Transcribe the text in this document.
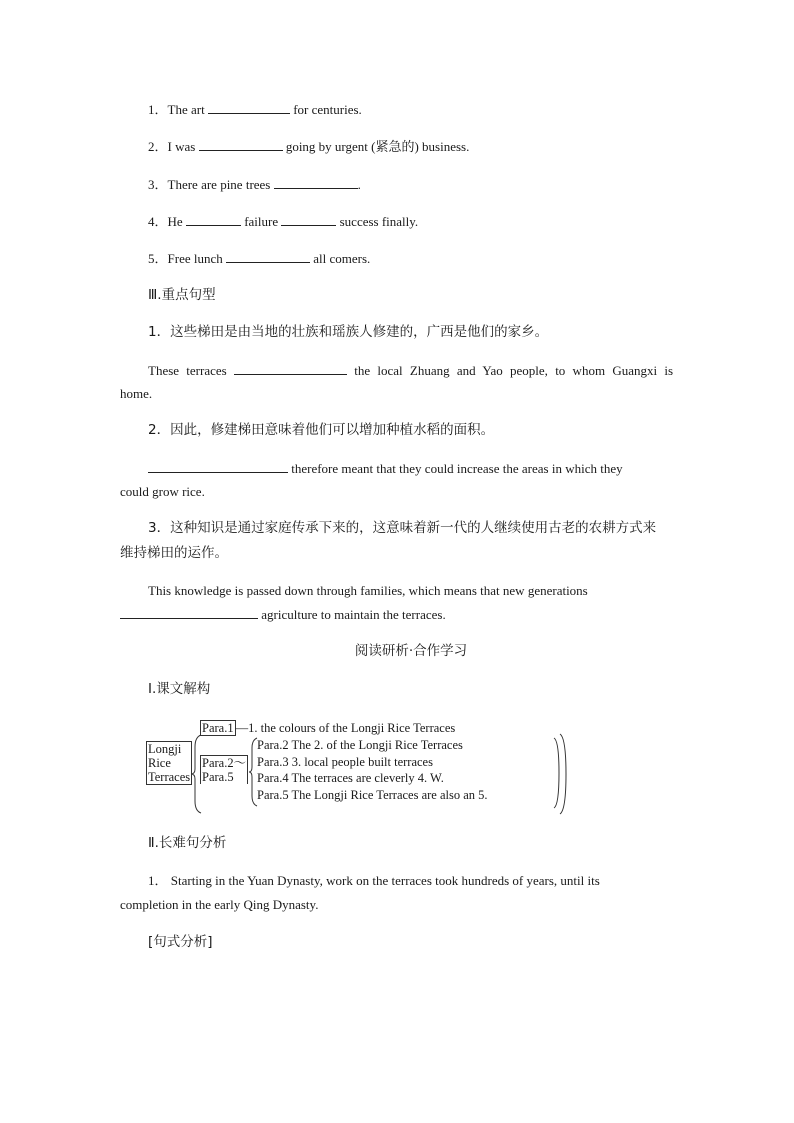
1．The art	for centuries.
2．I was	going by urgent (紧急的) business.
3．There are pine trees	.
4．He	failure	success finally.
5．Free lunch	all comers.
Ⅲ.重点句型
1．这些梯田是由当地的壮族和瑶族人修建的，广西是他们的家乡。
These terraces	the local Zhuang and Yao people, to whom Guangxi is
home.
2．因此，修建梯田意味着他们可以增加种植水稻的面积。
therefore meant that they could increase the areas in which they
could grow rice.
3．这种知识是通过家庭传承下来的，这意味着新一代的人继续使用古老的农耕方式来
维持梯田的运作。
This knowledge is passed down through families, which means that new generations
agriculture to maintain the terraces.
阅读研析·合作学习
Ⅰ.课文解构
Longji
Rice
Terraces
Para.1 —1. the colours of the Longji Rice Terraces
Para.2～
Para.5
Para.2 The 2. of the Longji Rice Terraces
Para.3 3. local people built terraces
Para.4 The terraces are cleverly 4. W.
Para.5 The Longji Rice Terraces are also an 5.
Ⅱ.长难句分析
1． Starting in the Yuan Dynasty, work on the terraces took hundreds of years, until its
completion in the early Qing Dynasty.
[句式分析]
